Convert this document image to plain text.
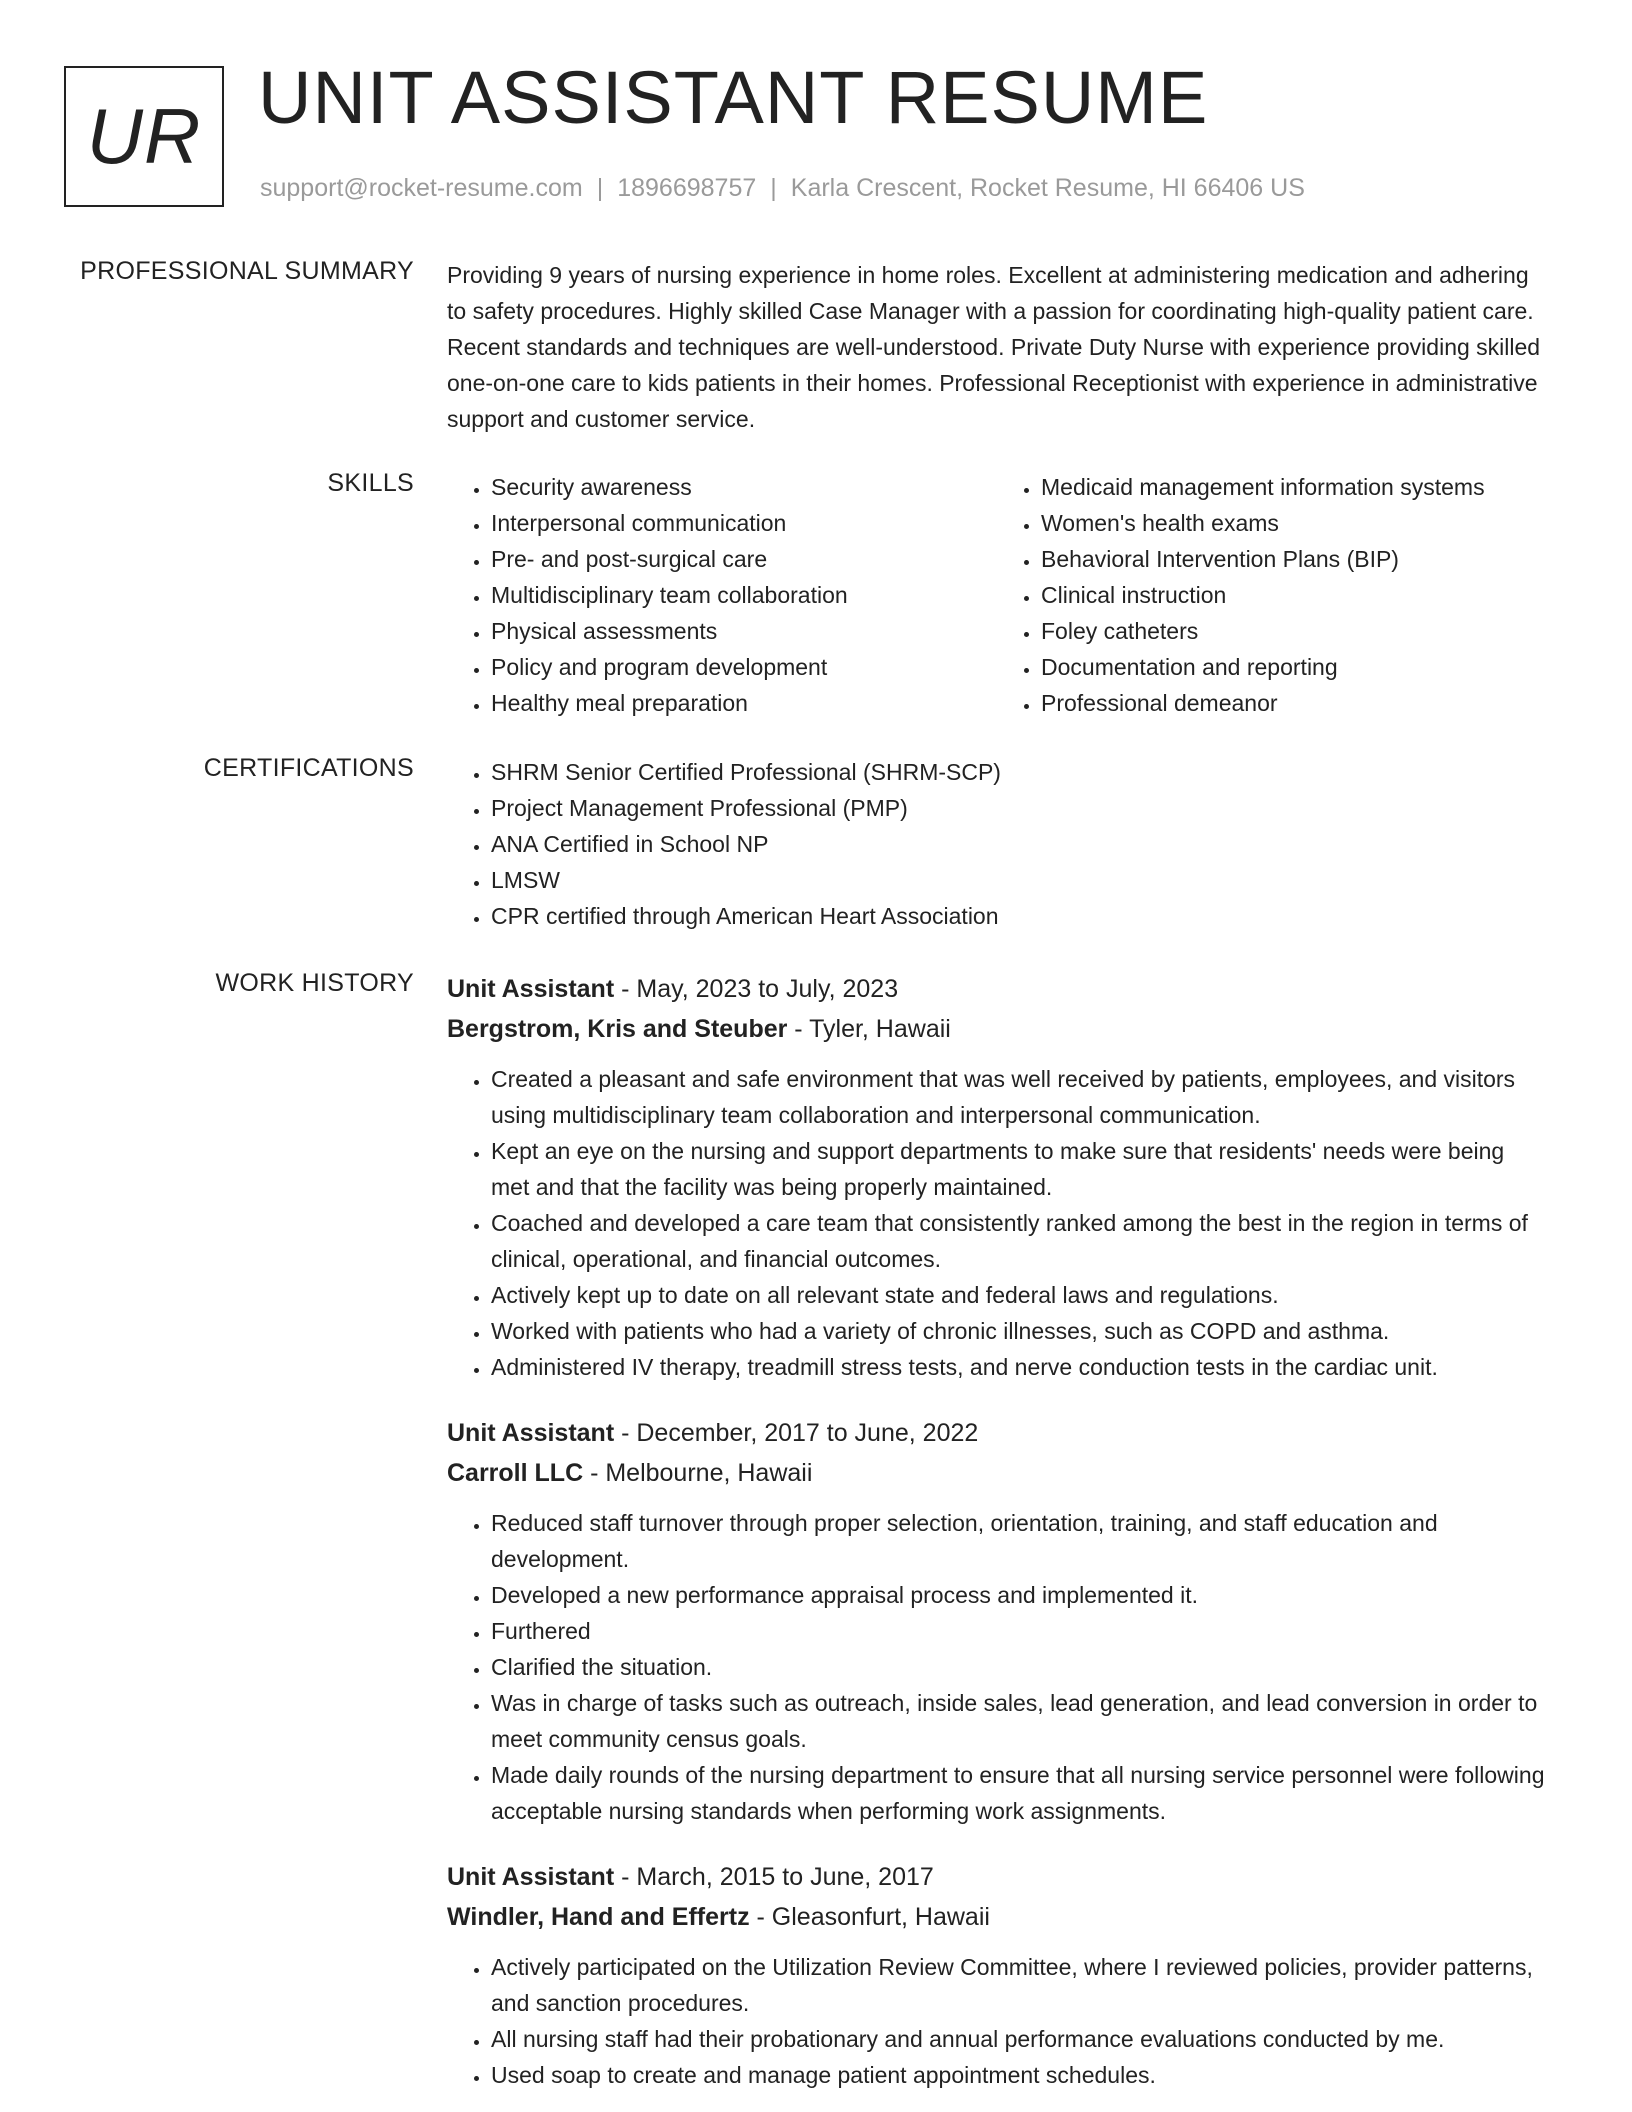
UR UNIT ASSISTANT RESUME
support@rocket-resume.com | 1896698757 | Karla Crescent, Rocket Resume, HI 66406 US
PROFESSIONAL SUMMARY Providing 9 years of nursing experience in home roles. Excellent at administering medication and adhering to safety procedures. Highly skilled Case Manager with a passion for coordinating high-quality patient care. Recent standards and techniques are well-understood. Private Duty Nurse with experience providing skilled one-on-one care to kids patients in their homes. Professional Receptionist with experience in administrative support and customer service.

SKILLS	• Security awareness
• Interpersonal communication
• Pre- and post-surgical care
• Multidisciplinary team collaboration
• Physical assessments
• Policy and program development
• Healthy meal preparation
• Medicaid management information systems
• Women's health exams
• Behavioral Intervention Plans (BIP)
• Clinical instruction
• Foley catheters
• Documentation and reporting
• Professional demeanor
CERTIFICATIONS	• SHRM Senior Certified Professional (SHRM-SCP)
• Project Management Professional (PMP)
• ANA Certified in School NP
• LMSW
• CPR certified through American Heart Association
WORK HISTORY Unit Assistant - May, 2023 to July, 2023
Bergstrom, Kris and Steuber - Tyler, Hawaii
• Created a pleasant and safe environment that was well received by patients, employees, and visitors using multidisciplinary team collaboration and interpersonal communication.
• Kept an eye on the nursing and support departments to make sure that residents' needs were being met and that the facility was being properly maintained.
• Coached and developed a care team that consistently ranked among the best in the region in terms of clinical, operational, and financial outcomes.
• Actively kept up to date on all relevant state and federal laws and regulations.
• Worked with patients who had a variety of chronic illnesses, such as COPD and asthma.
• Administered IV therapy, treadmill stress tests, and nerve conduction tests in the cardiac unit.
Unit Assistant - December, 2017 to June, 2022
Carroll LLC - Melbourne, Hawaii
• Reduced staff turnover through proper selection, orientation, training, and staff education and development.
• Developed a new performance appraisal process and implemented it.
• Furthered
• Clarified the situation.
• Was in charge of tasks such as outreach, inside sales, lead generation, and lead conversion in order to meet community census goals.
• Made daily rounds of the nursing department to ensure that all nursing service personnel were following acceptable nursing standards when performing work assignments.
Unit Assistant - March, 2015 to June, 2017
Windler, Hand and Effertz - Gleasonfurt, Hawaii
• Actively participated on the Utilization Review Committee, where I reviewed policies, provider patterns, and sanction procedures.
• All nursing staff had their probationary and annual performance evaluations conducted by me.
• Used soap to create and manage patient appointment schedules.
